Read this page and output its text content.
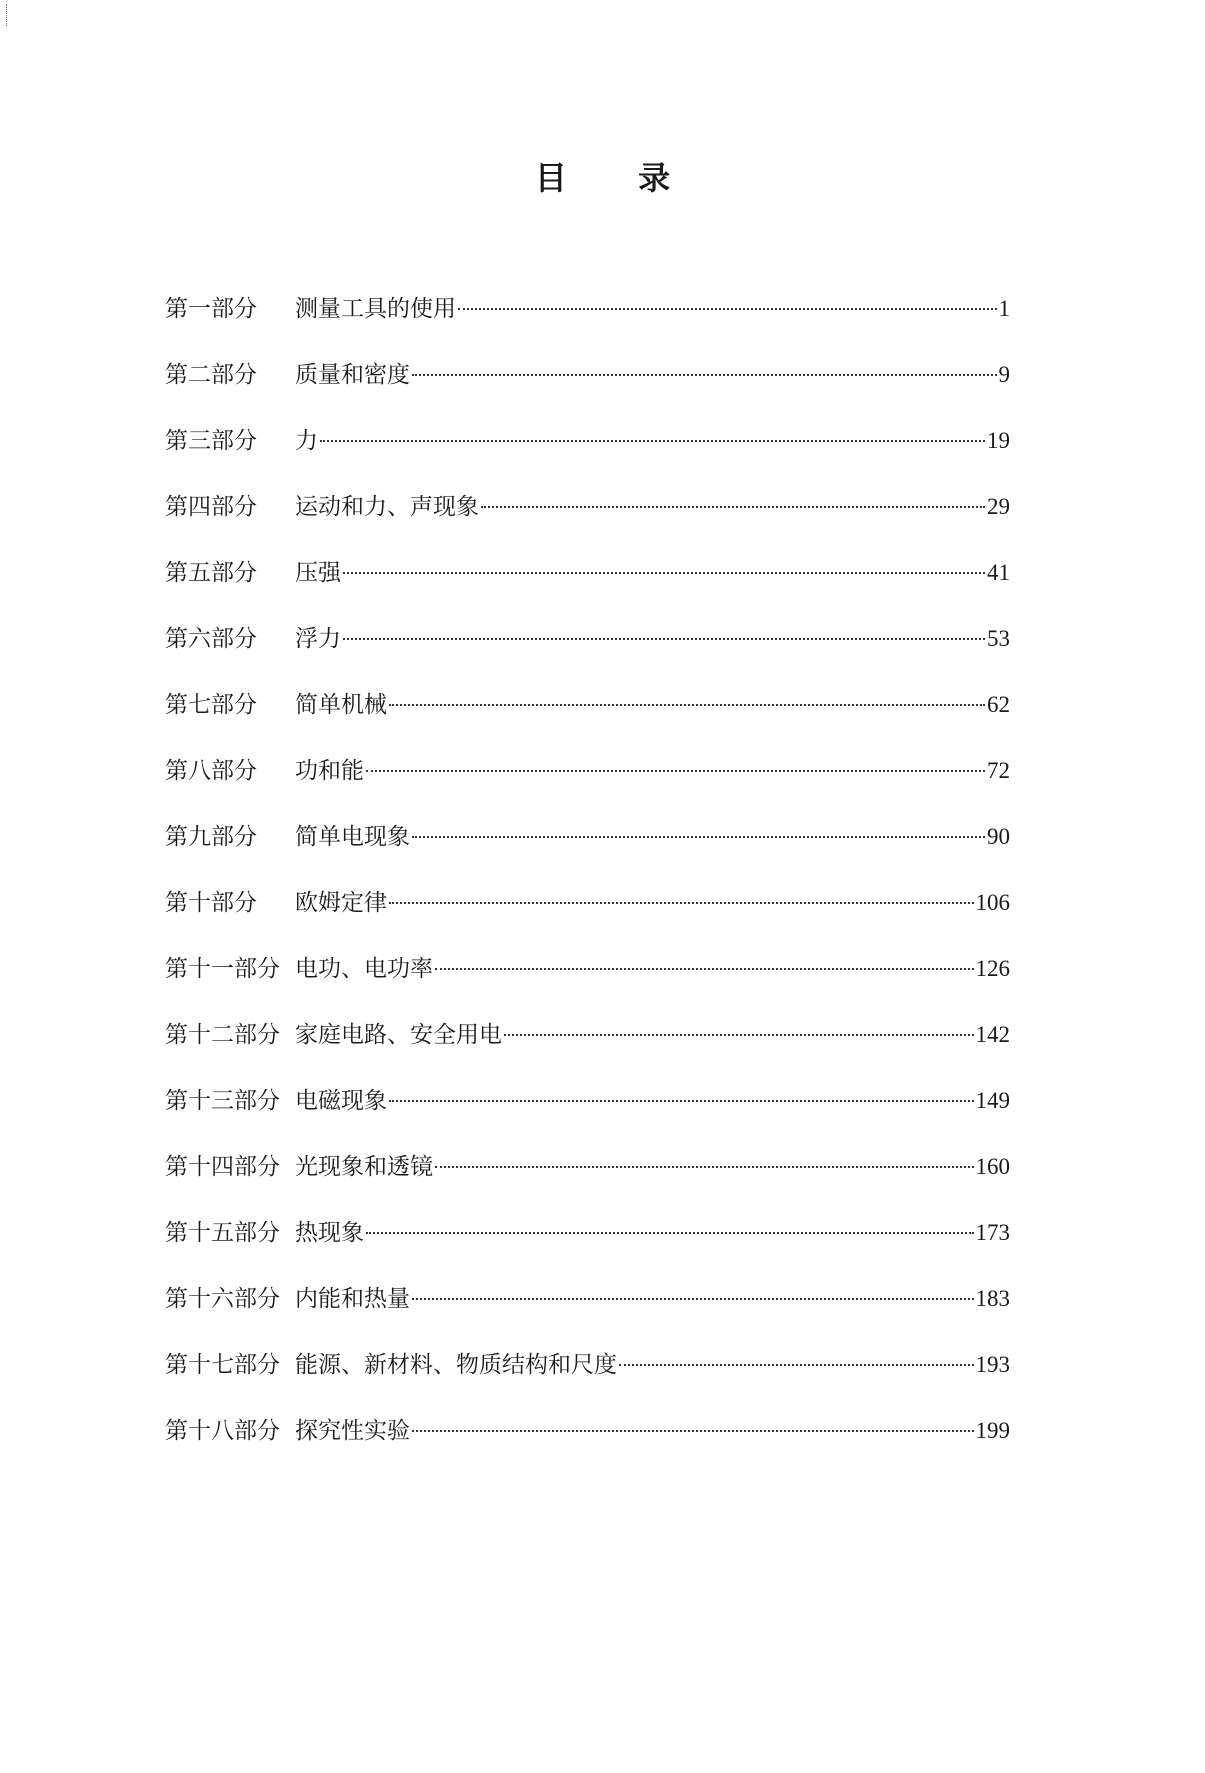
目 录
第一部分	测量工具的使用	1
第二部分	质量和密度	9
第三部分	力	19
第四部分	运动和力、声现象	29
第五部分	压强	41
第六部分	浮力	53
第七部分	简单机械	62
第八部分	功和能	72
第九部分	简单电现象	90
第十部分	欧姆定律	106
第十一部分 电功、电功率	126
第十二部分 家庭电路、安全用电	142
第十三部分 电磁现象	149
第十四部分 光现象和透镜	160
第十五部分 热现象	173
第十六部分 内能和热量	183
第十七部分 能源、新材料、物质结构和尺度	193
第十八部分 探究性实验	199
